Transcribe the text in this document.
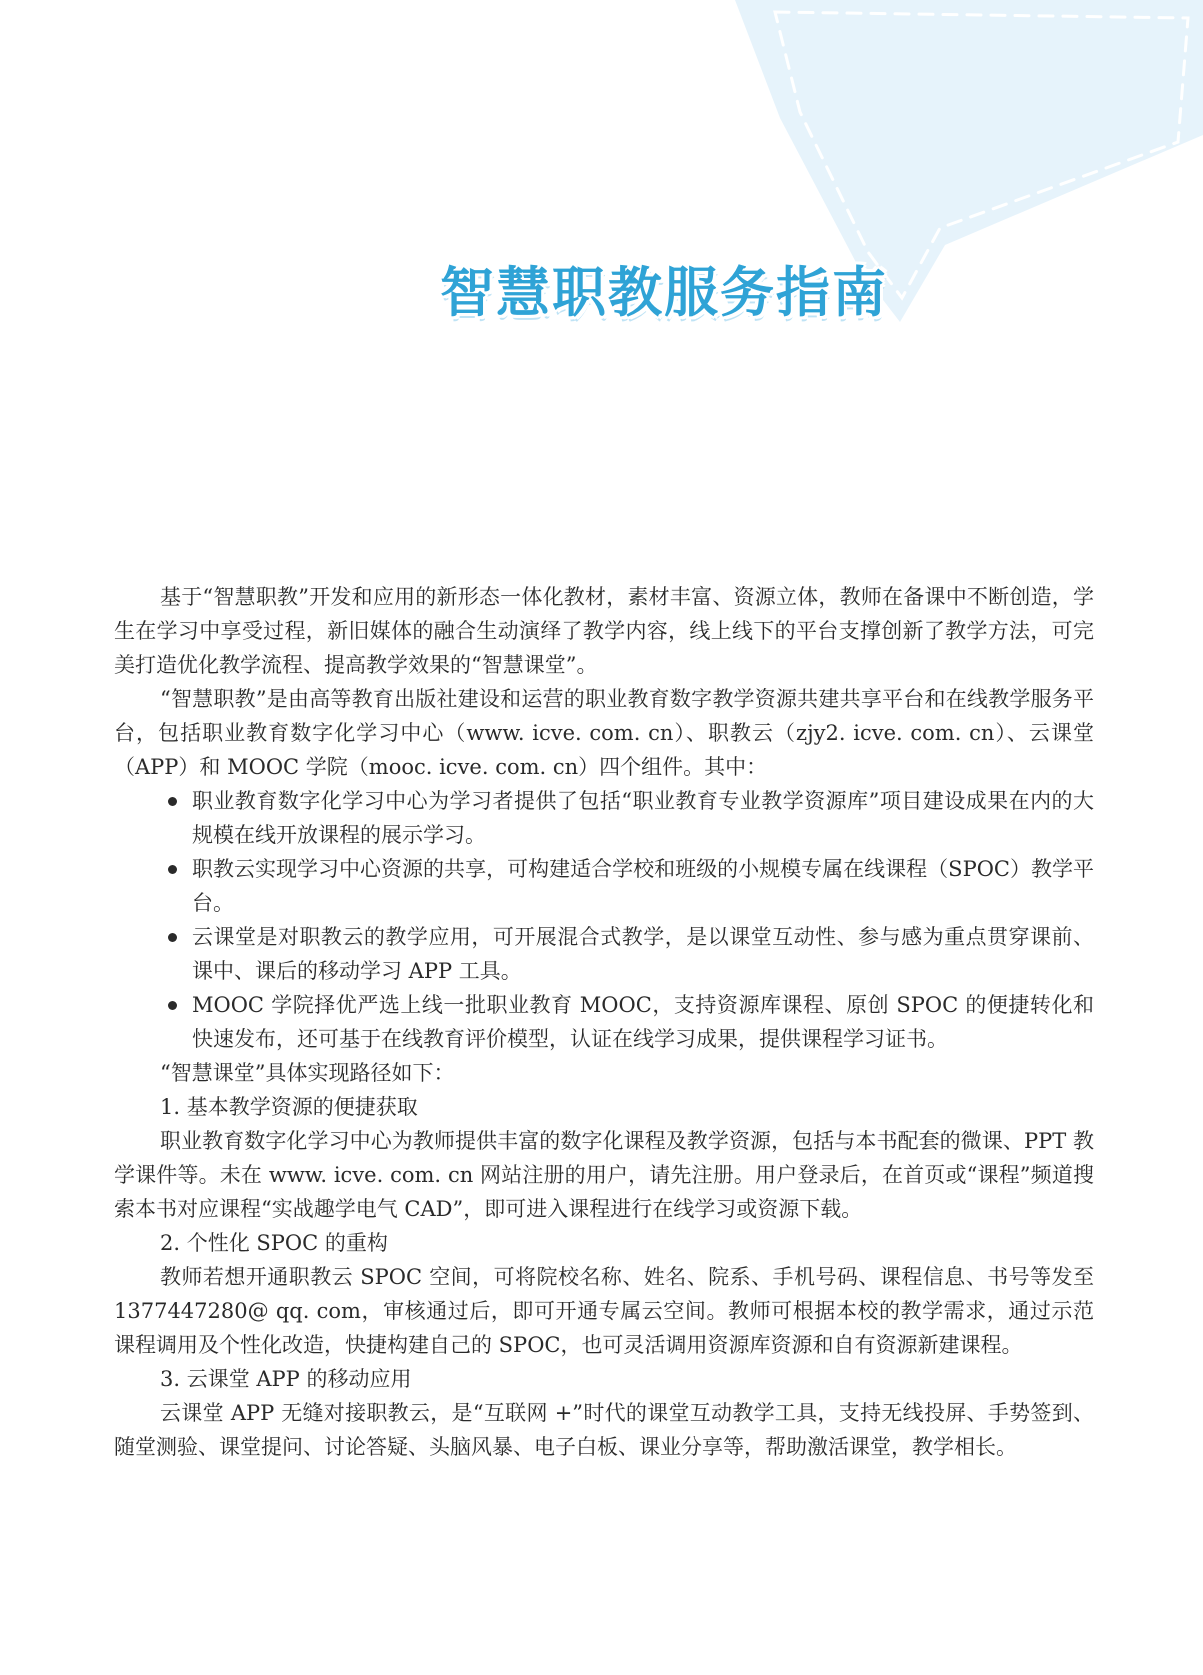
智慧职教服务指南

基于“智慧职教”开发和应用的新形态一体化教材，素材丰富、资源立体，教师在备课中不断创造，学生在学习中享受过程，新旧媒体的融合生动演绎了教学内容，线上线下的平台支撑创新了教学方法，可完美打造优化教学流程、提高教学效果的“智慧课堂”。

“智慧职教”是由高等教育出版社建设和运营的职业教育数字教学资源共建共享平台和在线教学服务平台，包括职业教育数字化学习中心（www. icve. com. cn）、职教云（zjy2. icve. com. cn）、云课堂（APP）和 MOOC 学院（mooc. icve. com. cn）四个组件。其中：

职业教育数字化学习中心为学习者提供了包括“职业教育专业教学资源库”项目建设成果在内的大规模在线开放课程的展示学习。
职教云实现学习中心资源的共享，可构建适合学校和班级的小规模专属在线课程（SPOC）教学平台。
云课堂是对职教云的教学应用，可开展混合式教学，是以课堂互动性、参与感为重点贯穿课前、课中、课后的移动学习 APP 工具。
MOOC 学院择优严选上线一批职业教育 MOOC，支持资源库课程、原创 SPOC 的便捷转化和快速发布，还可基于在线教育评价模型，认证在线学习成果，提供课程学习证书。

“智慧课堂”具体实现路径如下：

1. 基本教学资源的便捷获取

职业教育数字化学习中心为教师提供丰富的数字化课程及教学资源，包括与本书配套的微课、PPT 教学课件等。未在 www. icve. com. cn 网站注册的用户，请先注册。用户登录后，在首页或“课程”频道搜索本书对应课程“实战趣学电气 CAD”，即可进入课程进行在线学习或资源下载。

2. 个性化 SPOC 的重构

教师若想开通职教云 SPOC 空间，可将院校名称、姓名、院系、手机号码、课程信息、书号等发至 1377447280@ qq. com，审核通过后，即可开通专属云空间。教师可根据本校的教学需求，通过示范课程调用及个性化改造，快捷构建自己的 SPOC，也可灵活调用资源库资源和自有资源新建课程。

3. 云课堂 APP 的移动应用

云课堂 APP 无缝对接职教云，是“互联网 +”时代的课堂互动教学工具，支持无线投屏、手势签到、随堂测验、课堂提问、讨论答疑、头脑风暴、电子白板、课业分享等，帮助激活课堂，教学相长。
